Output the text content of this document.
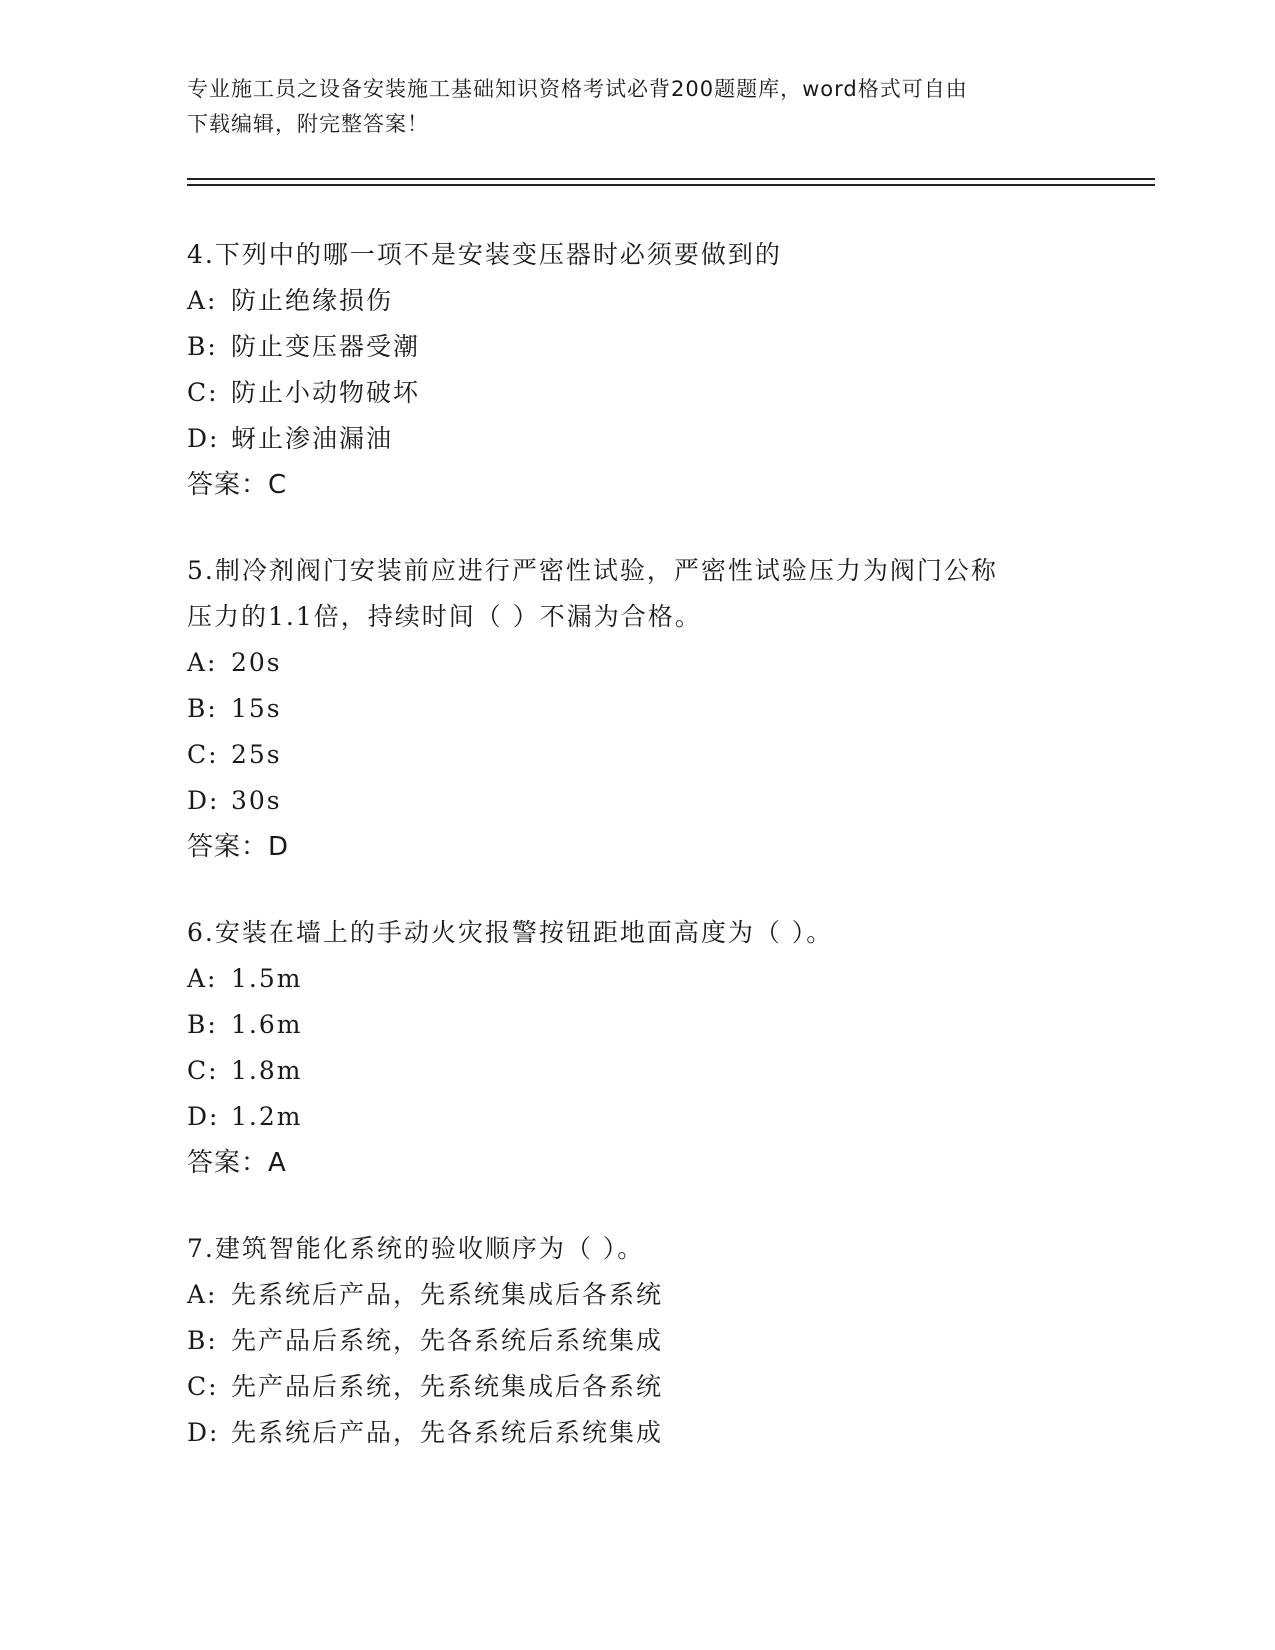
专业施工员之设备安装施工基础知识资格考试必背200题题库，word格式可自由
下载编辑，附完整答案！
4.下列中的哪一项不是安装变压器时必须要做到的
A: 防止绝缘损伤
B: 防止变压器受潮
C: 防止小动物破坏
D: 蚜止渗油漏油
答案：C
5.制冷剂阀门安装前应进行严密性试验，严密性试验压力为阀门公称
压力的1.1倍，持续时间（ ）不漏为合格。
A: 20s
B: 15s
C: 25s
D: 30s
答案：D
6.安装在墙上的手动火灾报警按钮距地面高度为（ ）。
A: 1.5m
B: 1.6m
C: 1.8m
D: 1.2m
答案：A
7.建筑智能化系统的验收顺序为（ ）。
A: 先系统后产品，先系统集成后各系统
B: 先产品后系统，先各系统后系统集成
C: 先产品后系统，先系统集成后各系统
D: 先系统后产品，先各系统后系统集成
